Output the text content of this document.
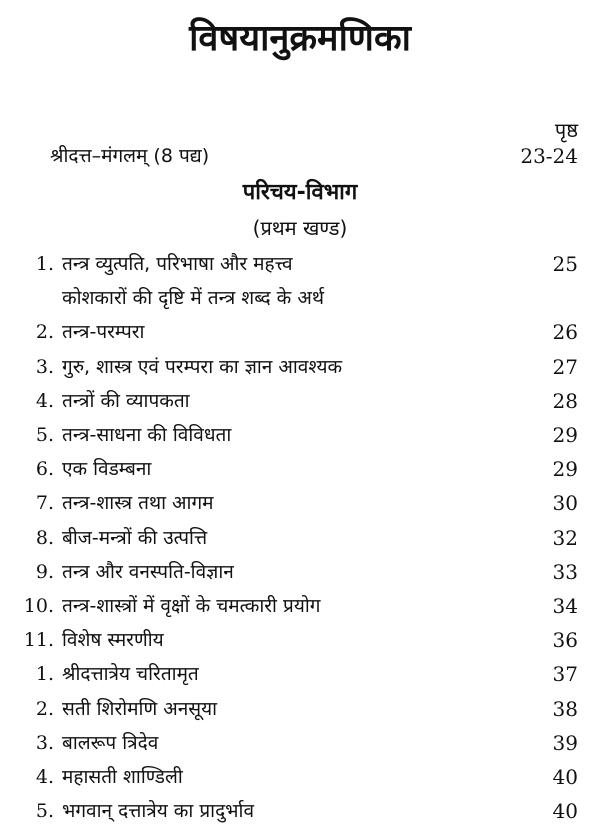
विषयानुक्रमणिका
पृष्ठ
श्रीदत्त–मंगलम् (8 पद्य)	23-24
परिचय-विभाग
(प्रथम खण्ड)
1. तन्त्र व्युत्पति, परिभाषा और महत्त्व	25
कोशकारों की दृष्टि में तन्त्र शब्द के अर्थ
2. तन्त्र-परम्परा	26
3. गुरु, शास्त्र एवं परम्परा का ज्ञान आवश्यक	27
4. तन्त्रों की व्यापकता	28
5. तन्त्र-साधना की विविधता	29
6. एक विडम्बना	29
7. तन्त्र-शास्त्र तथा आगम	30
8. बीज-मन्त्रों की उत्पत्ति	32
9. तन्त्र और वनस्पति-विज्ञान	33
10. तन्त्र-शास्त्रों में वृक्षों के चमत्कारी प्रयोग	34
11. विशेष स्मरणीय	36
1. श्रीदत्तात्रेय चरितामृत	37
2. सती शिरोमणि अनसूया	38
3. बालरूप त्रिदेव	39
4. महासती शाण्डिली	40
5. भगवान् दत्तात्रेय का प्रादुर्भाव	40
